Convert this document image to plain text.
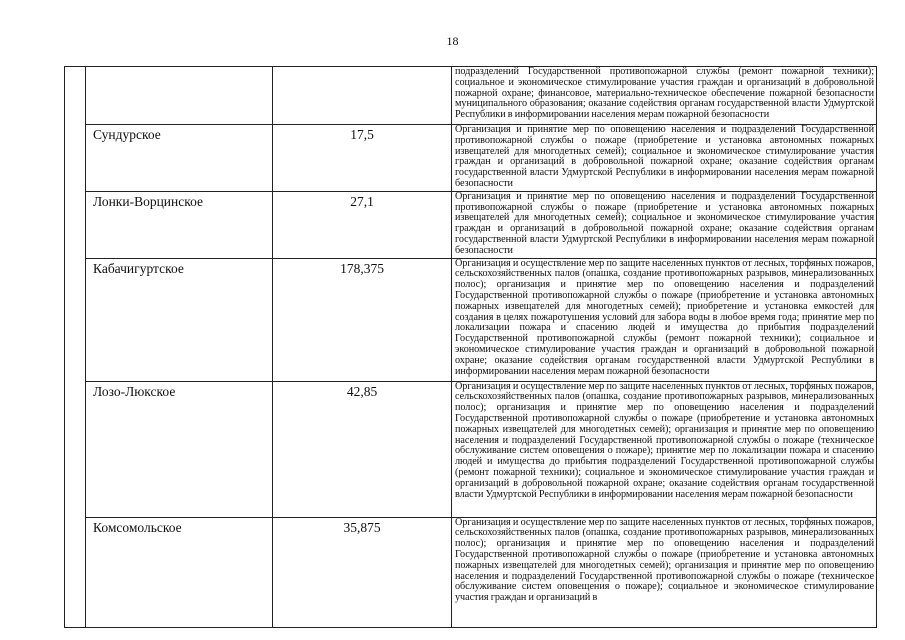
18
			подразделений Государственной противопожарной службы (ремонт пожарной техники); социальное и экономическое стимулирование участия граждан и организаций в добровольной пожарной охране; финансовое, материально-техническое обеспечение пожарной безопасности муниципального образования; оказание содействия органам государственной власти Удмуртской Республики в информировании населения мерам пожарной безопасности
	Сундурское	17,5	Организация и принятие мер по оповещению населения и подразделений Государственной противопожарной службы о пожаре (приобретение и установка автономных пожарных извещателей для многодетных семей); социальное и экономическое стимулирование участия граждан и организаций в добровольной пожарной охране; оказание содействия органам государственной власти Удмуртской Республики в информировании населения мерам пожарной безопасности
	Лонки-Ворцинское	27,1	Организация и принятие мер по оповещению населения и подразделений Государственной противопожарной службы о пожаре (приобретение и установка автономных пожарных извещателей для многодетных семей); социальное и экономическое стимулирование участия граждан и организаций в добровольной пожарной охране; оказание содействия органам государственной власти Удмуртской Республики в информировании населения мерам пожарной безопасности
	Кабачигуртское	178,375	Организация и осуществление мер по защите населенных пунктов от лесных, торфяных пожаров, сельскохозяйственных палов (опашка, создание противопожарных разрывов, минерализованных полос); организация и принятие мер по оповещению населения и подразделений Государственной противопожарной службы о пожаре (приобретение и установка автономных пожарных извещателей для многодетных семей); приобретение и установка емкостей для создания в целях пожаротушения условий для забора воды в любое время года; принятие мер по локализации пожара и спасению людей и имущества до прибытия подразделений Государственной противопожарной службы (ремонт пожарной техники); социальное и экономическое стимулирование участия граждан и организаций в добровольной пожарной охране; оказание содействия органам государственной власти Удмуртской Республики в информировании населения мерам пожарной безопасности
	Лозо-Люкское	42,85	Организация и осуществление мер по защите населенных пунктов от лесных, торфяных пожаров, сельскохозяйственных палов (опашка, создание противопожарных разрывов, минерализованных полос); организация и принятие мер по оповещению населения и подразделений Государственной противопожарной службы о пожаре (приобретение и установка автономных пожарных извещателей для многодетных семей); организация и принятие мер по оповещению населения и подразделений Государственной противопожарной службы о пожаре (техническое обслуживание систем оповещения о пожаре); принятие мер по локализации пожара и спасению людей и имущества до прибытия подразделений Государственной противопожарной службы (ремонт пожарной техники); социальное и экономическое стимулирование участия граждан и организаций в добровольной пожарной охране; оказание содействия органам государственной власти Удмуртской Республики в информировании населения мерам пожарной безопасности
	Комсомольское	35,875	Организация и осуществление мер по защите населенных пунктов от лесных, торфяных пожаров, сельскохозяйственных палов (опашка, создание противопожарных разрывов, минерализованных полос); организация и принятие мер по оповещению населения и подразделений Государственной противопожарной службы о пожаре (приобретение и установка автономных пожарных извещателей для многодетных семей); организация и принятие мер по оповещению населения и подразделений Государственной противопожарной службы о пожаре (техническое обслуживание систем оповещения о пожаре); социальное и экономическое стимулирование участия граждан и организаций в
